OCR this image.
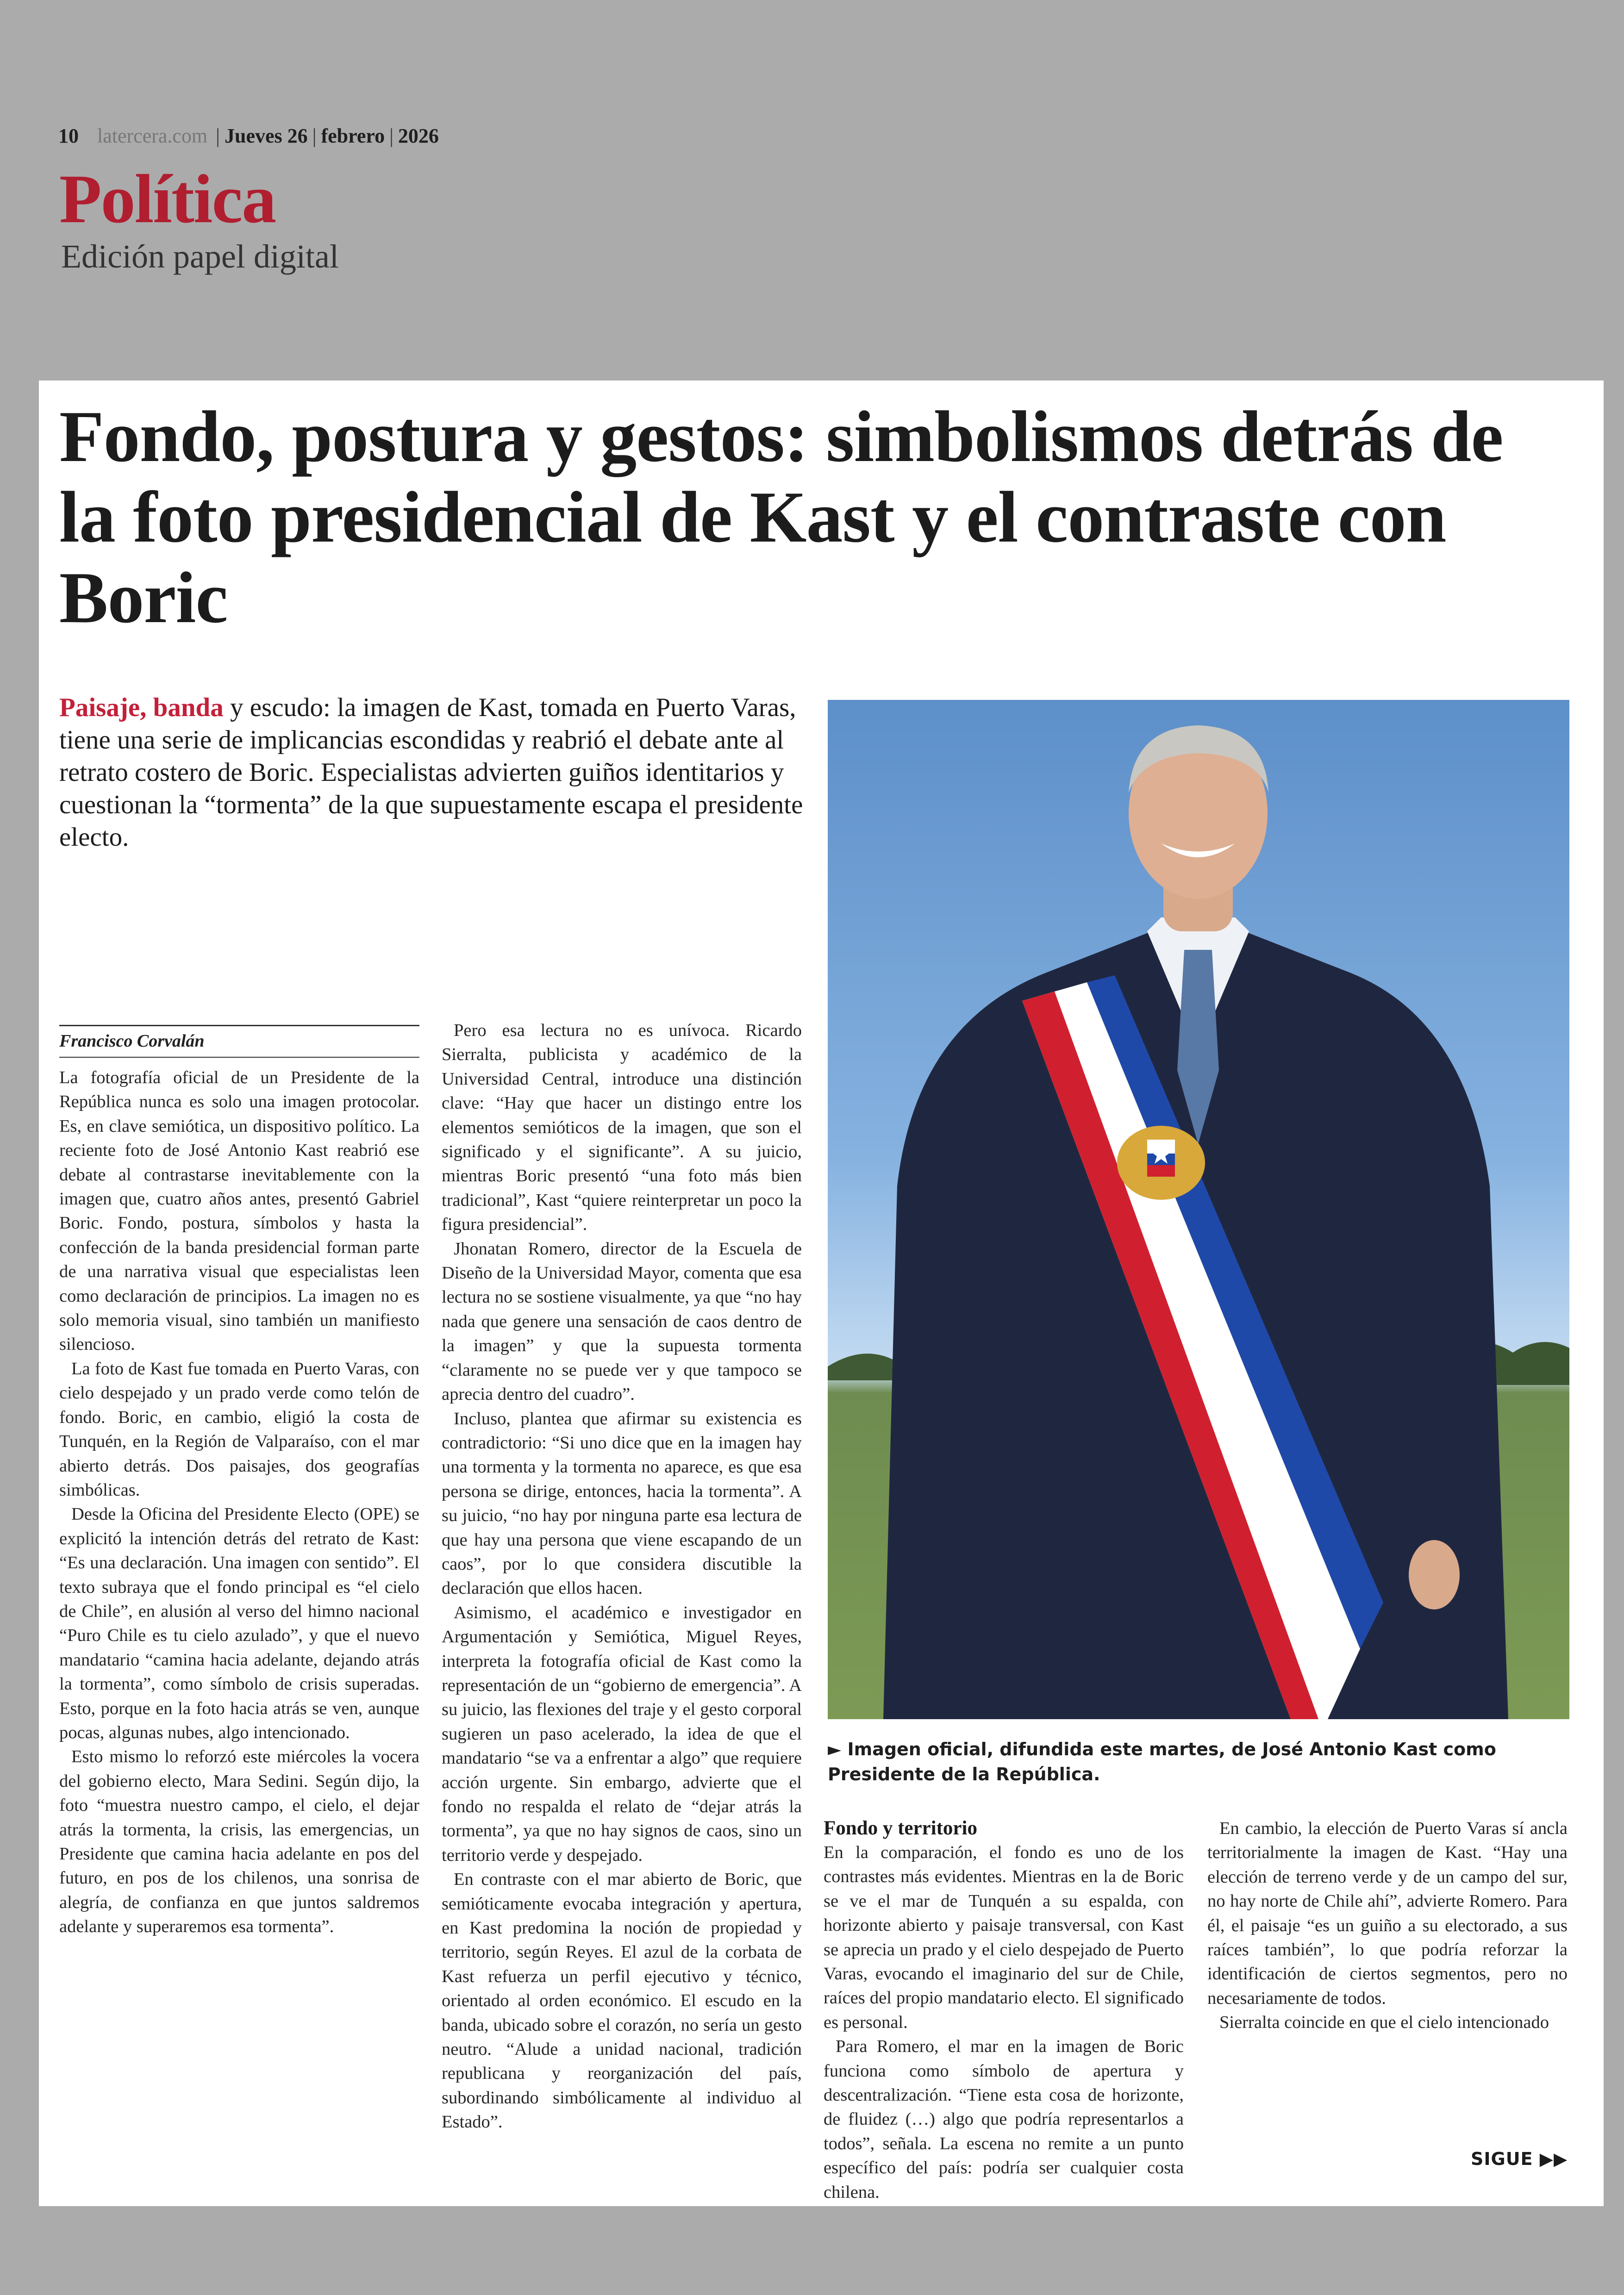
10 latercera.com | Jueves 26 | febrero | 2026
Política
Edición papel digital
Fondo, postura y gestos: simbolismos detrás de la foto presidencial de Kast y el contraste con Boric

Paisaje, banda y escudo: la imagen de Kast, tomada en Puerto Varas, tiene una serie de implicancias escondidas y reabrió el debate ante al retrato costero de Boric. Especialistas advierten guiños identitarios y cuestionan la “tormenta” de la que supuestamente escapa el presidente electo.

► Imagen oficial, difundida este martes, de José Antonio Kast como Presidente de la República.

Francisco Corvalán

La fotografía oficial de un Presidente de la República nunca es solo una imagen protocolar. Es, en clave semiótica, un dispositivo político. La reciente foto de José Antonio Kast reabrió ese debate al contrastarse inevitablemente con la imagen que, cuatro años antes, presentó Gabriel Boric. Fondo, postura, símbolos y hasta la confección de la banda presidencial forman parte de una narrativa visual que especialistas leen como declaración de principios. La imagen no es solo memoria visual, sino también un manifiesto silencioso.

La foto de Kast fue tomada en Puerto Varas, con cielo despejado y un prado verde como telón de fondo. Boric, en cambio, eligió la costa de Tunquén, en la Región de Valparaíso, con el mar abierto detrás. Dos paisajes, dos geografías simbólicas.

Desde la Oficina del Presidente Electo (OPE) se explicitó la intención detrás del retrato de Kast: “Es una declaración. Una imagen con sentido”. El texto subraya que el fondo principal es “el cielo de Chile”, en alusión al verso del himno nacional “Puro Chile es tu cielo azulado”, y que el nuevo mandatario “camina hacia adelante, dejando atrás la tormenta”, como símbolo de crisis superadas. Esto, porque en la foto hacia atrás se ven, aunque pocas, algunas nubes, algo intencionado.

Esto mismo lo reforzó este miércoles la vocera del gobierno electo, Mara Sedini. Según dijo, la foto “muestra nuestro campo, el cielo, el dejar atrás la tormenta, la crisis, las emergencias, un Presidente que camina hacia adelante en pos del futuro, en pos de los chilenos, una sonrisa de alegría, de confianza en que juntos saldremos adelante y superaremos esa tormenta”.

Pero esa lectura no es unívoca. Ricardo Sierralta, publicista y académico de la Universidad Central, introduce una distinción clave: “Hay que hacer un distingo entre los elementos semióticos de la imagen, que son el significado y el significante”. A su juicio, mientras Boric presentó “una foto más bien tradicional”, Kast “quiere reinterpretar un poco la figura presidencial”.

Jhonatan Romero, director de la Escuela de Diseño de la Universidad Mayor, comenta que esa lectura no se sostiene visualmente, ya que “no hay nada que genere una sensación de caos dentro de la imagen” y que la supuesta tormenta “claramente no se puede ver y que tampoco se aprecia dentro del cuadro”.

Incluso, plantea que afirmar su existencia es contradictorio: “Si uno dice que en la imagen hay una tormenta y la tormenta no aparece, es que esa persona se dirige, entonces, hacia la tormenta”. A su juicio, “no hay por ninguna parte esa lectura de que hay una persona que viene escapando de un caos”, por lo que considera discutible la declaración que ellos hacen.

Asimismo, el académico e investigador en Argumentación y Semiótica, Miguel Reyes, interpreta la fotografía oficial de Kast como la representación de un “gobierno de emergencia”. A su juicio, las flexiones del traje y el gesto corporal sugieren un paso acelerado, la idea de que el mandatario “se va a enfrentar a algo” que requiere acción urgente. Sin embargo, advierte que el fondo no respalda el relato de “dejar atrás la tormenta”, ya que no hay signos de caos, sino un territorio verde y despejado.

En contraste con el mar abierto de Boric, que semióticamente evocaba integración y apertura, en Kast predomina la noción de propiedad y territorio, según Reyes. El azul de la corbata de Kast refuerza un perfil ejecutivo y técnico, orientado al orden económico. El escudo en la banda, ubicado sobre el corazón, no sería un gesto neutro. “Alude a unidad nacional, tradición republicana y reorganización del país, subordinando simbólicamente al individuo al Estado”.

Fondo y territorio

En la comparación, el fondo es uno de los contrastes más evidentes. Mientras en la de Boric se ve el mar de Tunquén a su espalda, con horizonte abierto y paisaje transversal, con Kast se aprecia un prado y el cielo despejado de Puerto Varas, evocando el imaginario del sur de Chile, raíces del propio mandatario electo. El significado es personal.

Para Romero, el mar en la imagen de Boric funciona como símbolo de apertura y descentralización. “Tiene esta cosa de horizonte, de fluidez (…) algo que podría representarlos a todos”, señala. La escena no remite a un punto específico del país: podría ser cualquier costa chilena.

En cambio, la elección de Puerto Varas sí ancla territorialmente la imagen de Kast. “Hay una elección de terreno verde y de un campo del sur, no hay norte de Chile ahí”, advierte Romero. Para él, el paisaje “es un guiño a su electorado, a sus raíces también”, lo que podría reforzar la identificación de ciertos segmentos, pero no necesariamente de todos.

Sierralta coincide en que el cielo intencionado

SIGUE ▶▶
